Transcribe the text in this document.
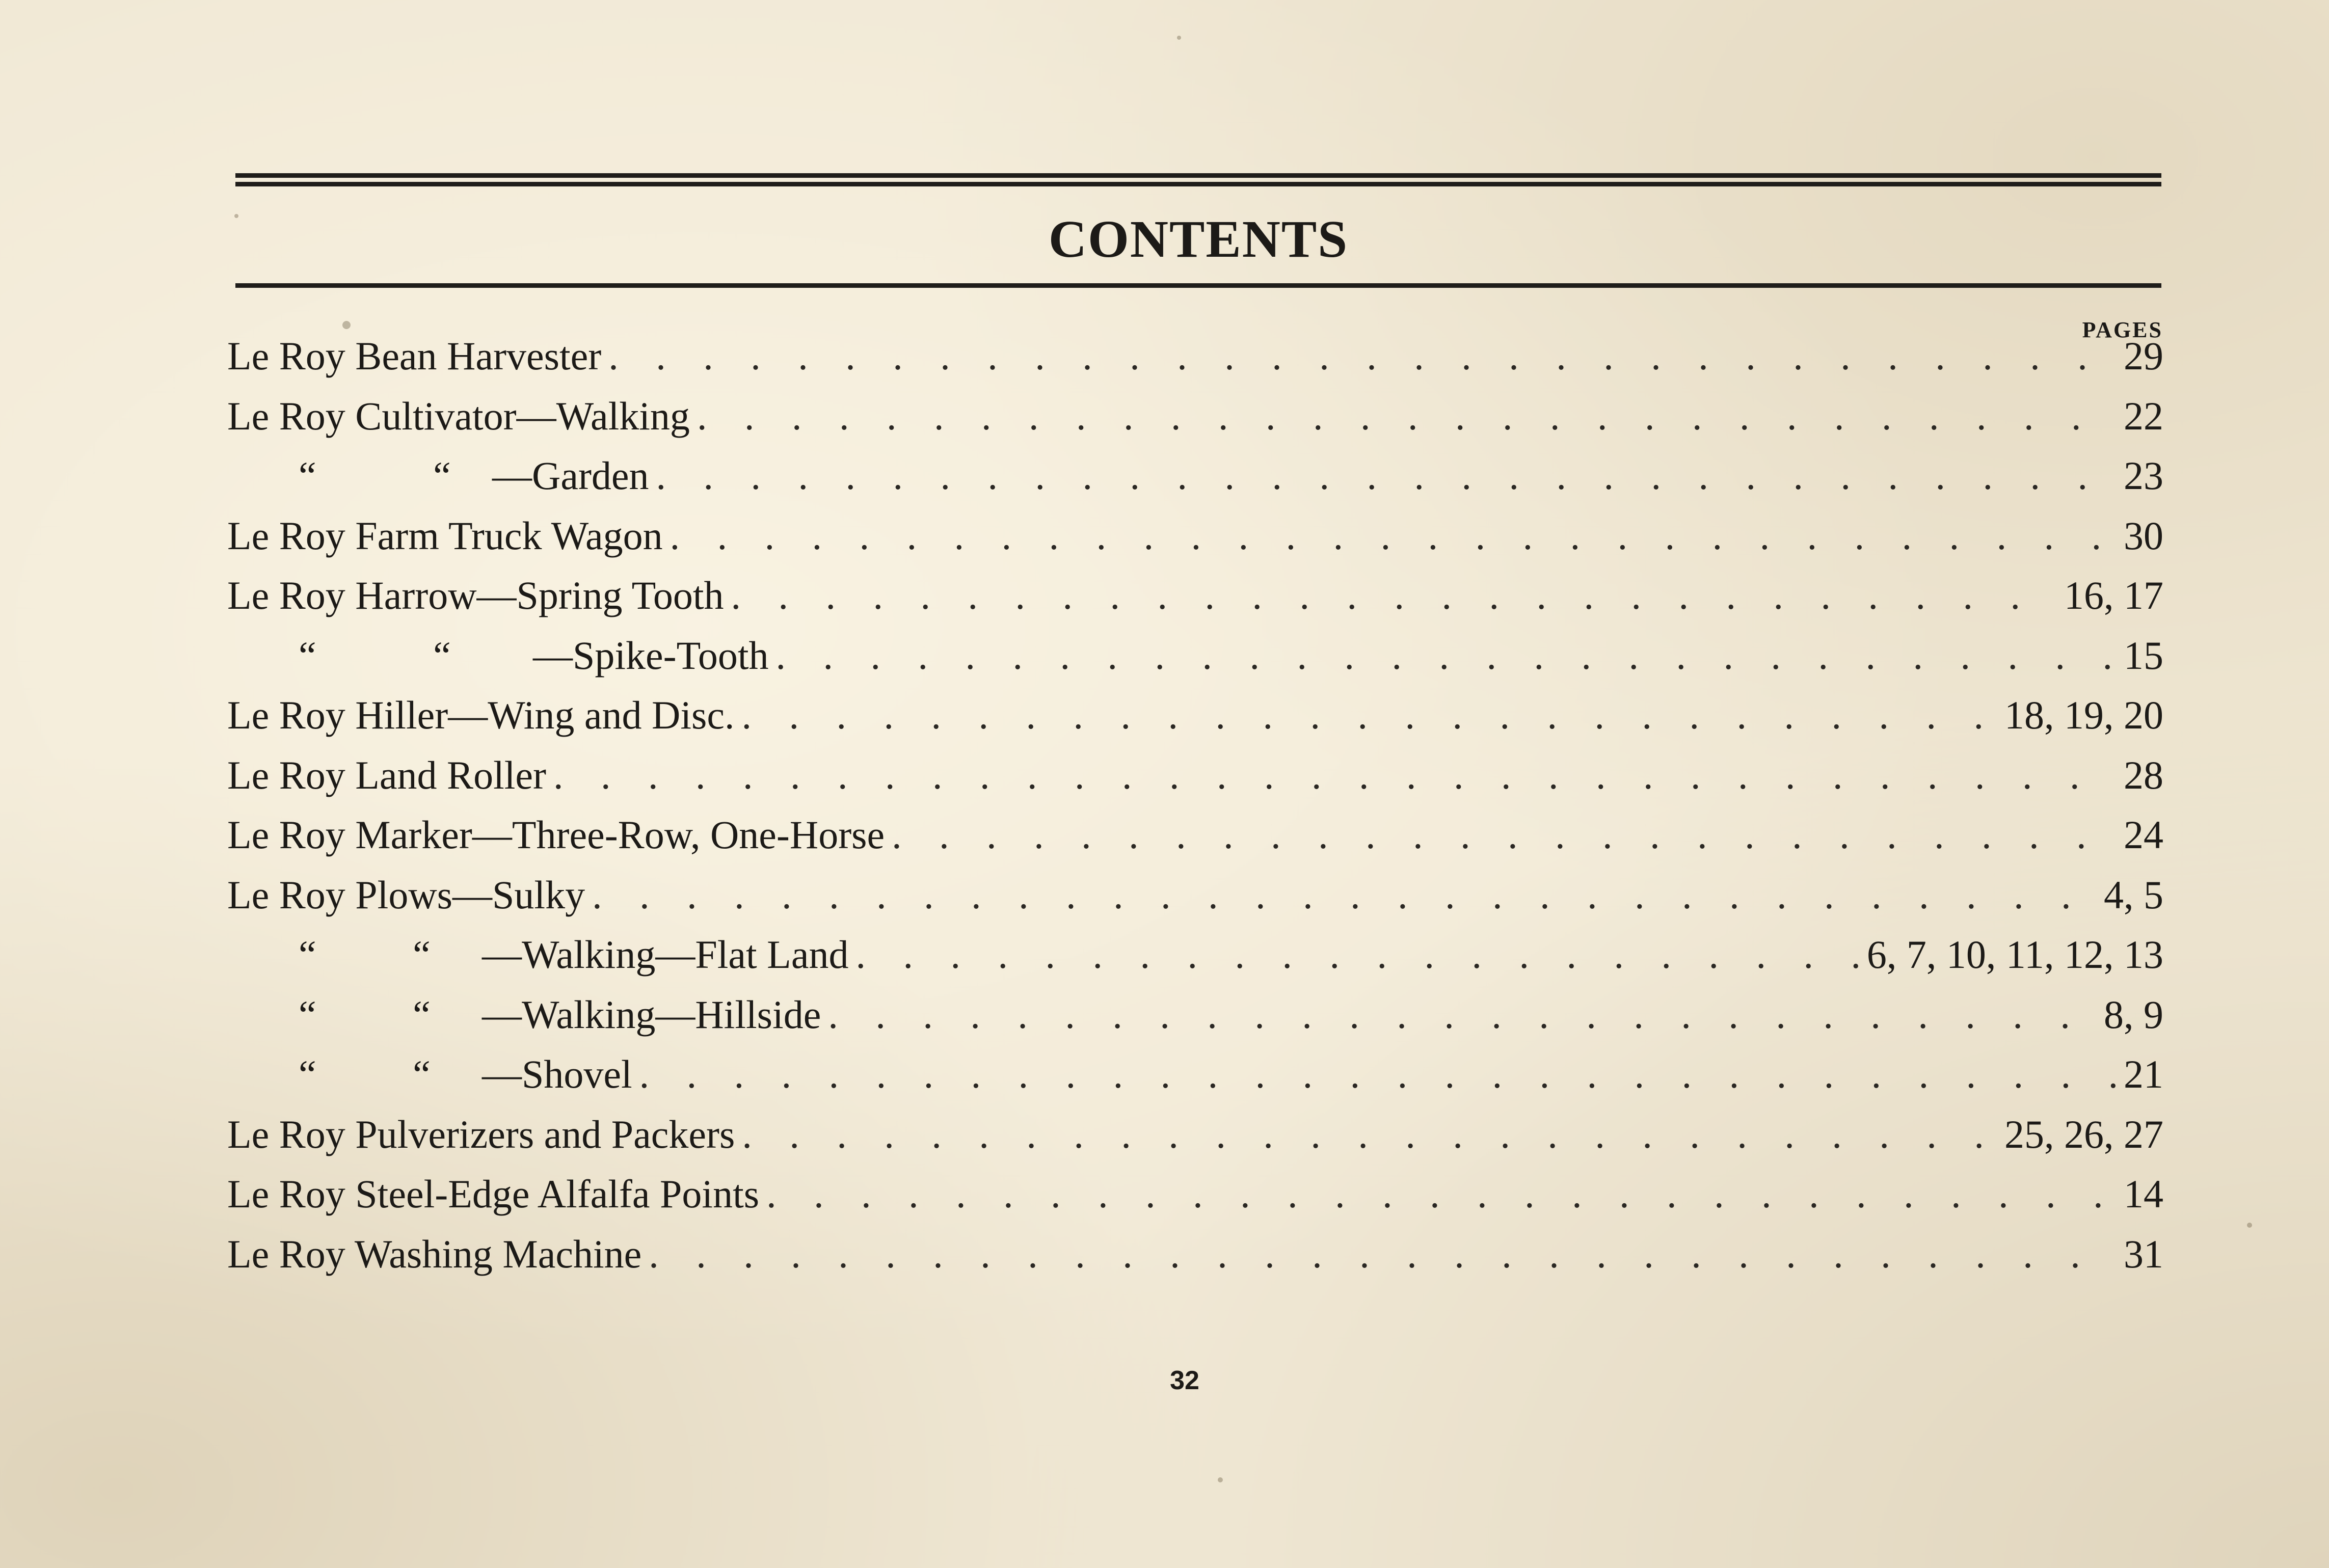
CONTENTS
PAGES
Le Roy Bean Harvester . . .	29
Le Roy Cultivator—Walking . . .	22
“ “ —Garden . . .	23
Le Roy Farm Truck Wagon . . .	30
Le Roy Harrow—Spring Tooth . . .	16, 17
“ “ —Spike-Tooth . . .	15
Le Roy Hiller—Wing and Disc. . . .	18, 19, 20
Le Roy Land Roller . . .	28
Le Roy Marker—Three-Row, One-Horse . . .	24
Le Roy Plows—Sulky . . .	4, 5
“ “ —Walking—Flat Land . . .	6, 7, 10, 11, 12, 13
“ “ —Walking—Hillside . . .	8, 9
“ “ —Shovel . . .	21
Le Roy Pulverizers and Packers . . .	25, 26, 27
Le Roy Steel-Edge Alfalfa Points . . .	14
Le Roy Washing Machine . . .	31
32
